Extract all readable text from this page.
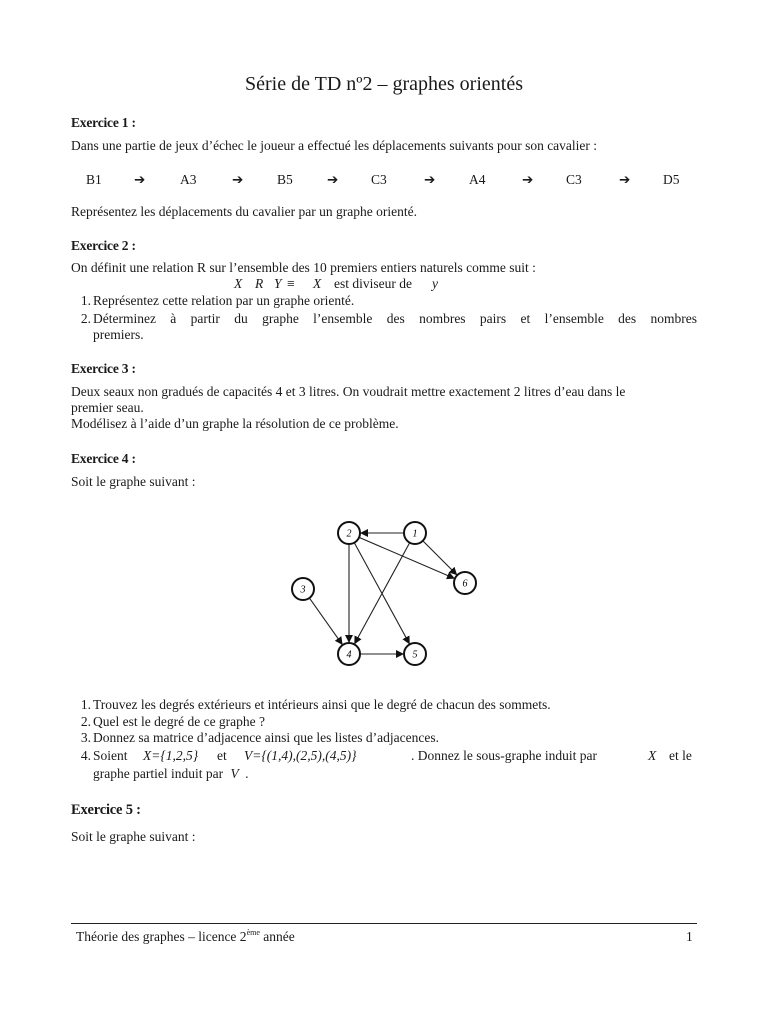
Série de TD nº2 – graphes orientés
Exercice 1 :
Dans une partie de jeux d’échec le joueur a effectué les déplacements suivants pour son cavalier :
B1 ➔	A3	➔ B5	➔ C3	➔ A4	➔ C3	➔ D5
Représentez les déplacements du cavalier par un graphe orienté.
Exercice 2 :
On définit une relation R sur l’ensemble des 10 premiers entiers naturels comme suit :
X R Y ≡ X est diviseur de y
1. Représentez cette relation par un graphe orienté.
2. Déterminez à partir du graphe l’ensemble des nombres pairs et l’ensemble des nombres
premiers.
Exercice 3 :
Deux seaux non gradués de capacités 4 et 3 litres. On voudrait mettre exactement 2 litres d’eau dans le
premier seau.
Modélisez à l’aide d’un graphe la résolution de ce problème.
Exercice 4 :
Soit le graphe suivant :
1
2
3
4	5
6
1. Trouvez les degrés extérieurs et intérieurs ainsi que le degré de chacun des sommets.
2. Quel est le degré de ce graphe ?
3. Donnez sa matrice d’adjacence ainsi que les listes d’adjacences.
4. Soient X={1,2,5} et V={(1,4),(2,5),(4,5)}	. Donnez le sous-graphe induit par	X et le
graphe partiel induit par V .
Exercice 5 :
Soit le graphe suivant :
Théorie des graphes – licence 2ème année	1
